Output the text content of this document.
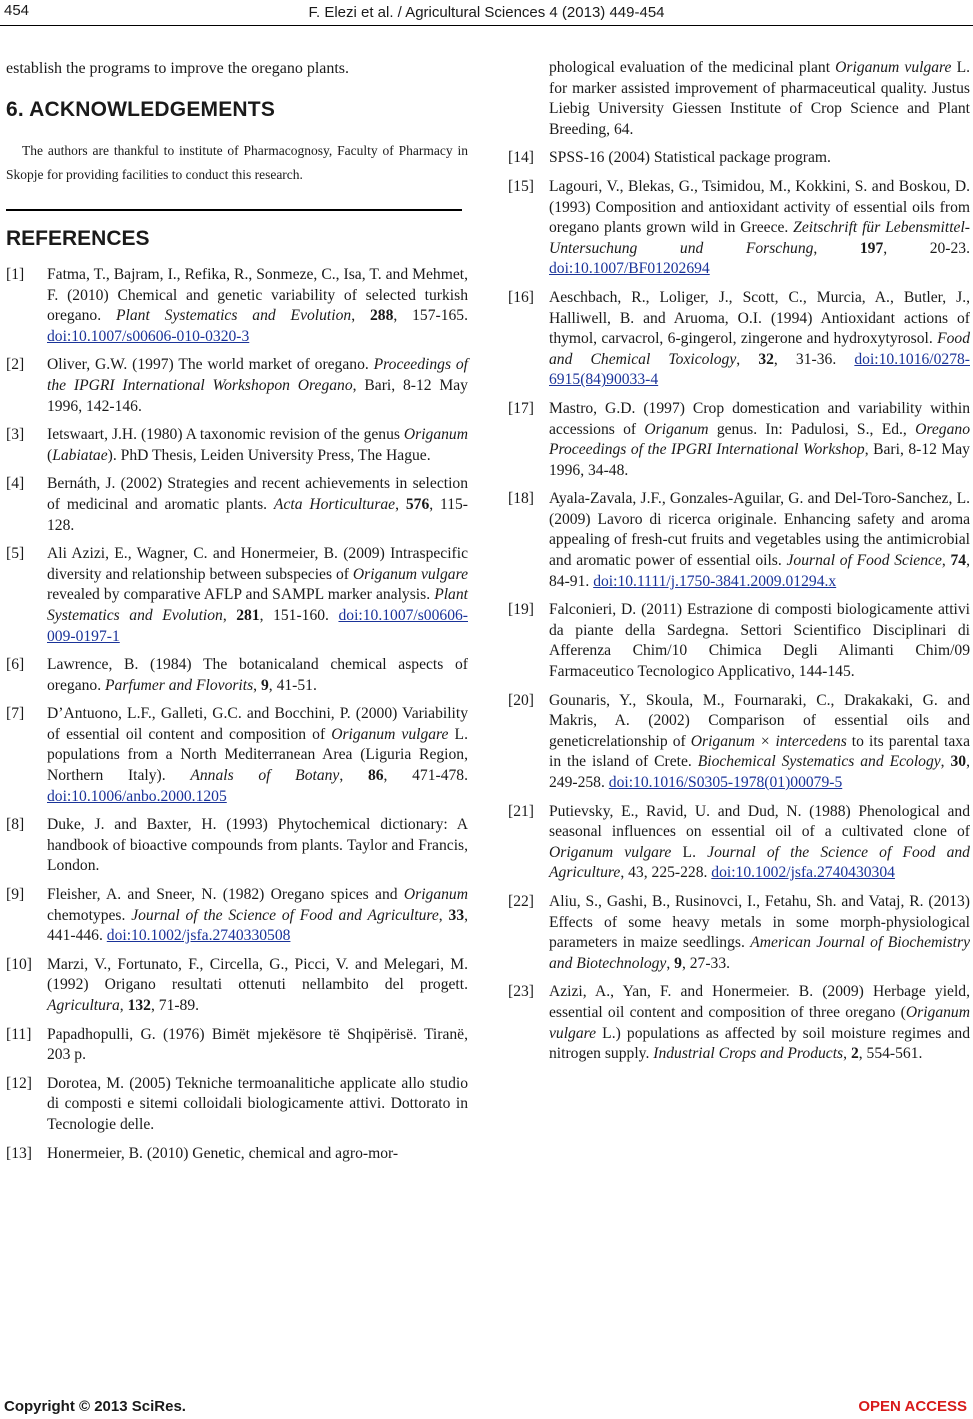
454	F. Elezi et al. / Agricultural Sciences 4 (2013) 449-454

establish the programs to improve the oregano plants.

6. ACKNOWLEDGEMENTS

The authors are thankful to institute of Pharmacognosy, Faculty of Pharmacy in Skopje for providing facilities to conduct this research.

REFERENCES
[1]	Fatma, T., Bajram, I., Refika, R., Sonmeze, C., Isa, T. and Mehmet, F. (2010) Chemical and genetic variability of selected turkish oregano. Plant Systematics and Evolution, 288, 157-165. doi:10.1007/s00606-010-0320-3
[2]	Oliver, G.W. (1997) The world market of oregano. Proceedings of the IPGRI International Workshopon Oregano, Bari, 8-12 May 1996, 142-146.
[3]	Ietswaart, J.H. (1980) A taxonomic revision of the genus Origanum (Labiatae). PhD Thesis, Leiden University Press, The Hague.
[4]	Bernáth, J. (2002) Strategies and recent achievements in selection of medicinal and aromatic plants. Acta Horticulturae, 576, 115-128.
[5]	Ali Azizi, E., Wagner, C. and Honermeier, B. (2009) Intraspecific diversity and relationship between subspecies of Origanum vulgare revealed by comparative AFLP and SAMPL marker analysis. Plant Systematics and Evolution, 281, 151-160. doi:10.1007/s00606-009-0197-1
[6]	Lawrence, B. (1984) The botanicaland chemical aspects of oregano. Parfumer and Flovorits, 9, 41-51.
[7]	D’Antuono, L.F., Galleti, G.C. and Bocchini, P. (2000) Variability of essential oil content and composition of Origanum vulgare L. populations from a North Mediterranean Area (Liguria Region, Northern Italy). Annals of Botany, 86, 471-478. doi:10.1006/anbo.2000.1205
[8]	Duke, J. and Baxter, H. (1993) Phytochemical dictionary: A handbook of bioactive compounds from plants. Taylor and Francis, London.
[9]	Fleisher, A. and Sneer, N. (1982) Oregano spices and Origanum chemotypes. Journal of the Science of Food and Agriculture, 33, 441-446. doi:10.1002/jsfa.2740330508
[10] Marzi, V., Fortunato, F., Circella, G., Picci, V. and Melegari, M. (1992) Origano resultati ottenuti nellambito del progett. Agricultura, 132, 71-89.
[11] Papadhopulli, G. (1976) Bimët mjekësore të Shqipërisë. Tiranë, 203 p.
[12] Dorotea, M. (2005) Tekniche termoanalitiche applicate allo studio di composti e sitemi colloidali biologicamente attivi. Dottorato in Tecnologie delle.
[13] Honermeier, B. (2010) Genetic, chemical and agro-mor-
phological evaluation of the medicinal plant Origanum vulgare L. for marker assisted improvement of pharmaceutical quality. Justus Liebig University Giessen Institute of Crop Science and Plant Breeding, 64.
[14] SPSS-16 (2004) Statistical package program.
[15] Lagouri, V., Blekas, G., Tsimidou, M., Kokkini, S. and Boskou, D. (1993) Composition and antioxidant activity of essential oils from oregano plants grown wild in Greece. Zeitschrift für Lebensmittel-Untersuchung und Forschung, 197, 20-23. doi:10.1007/BF01202694
[16] Aeschbach, R., Loliger, J., Scott, C., Murcia, A., Butler, J., Halliwell, B. and Aruoma, O.I. (1994) Antioxidant actions of thymol, carvacrol, 6-gingerol, zingerone and hydroxytyrosol. Food and Chemical Toxicology, 32, 31-36. doi:10.1016/0278-6915(84)90033-4
[17] Mastro, G.D. (1997) Crop domestication and variability within accessions of Origanum genus. In: Padulosi, S., Ed., Oregano Proceedings of the IPGRI International Workshop, Bari, 8-12 May 1996, 34-48.
[18] Ayala-Zavala, J.F., Gonzales-Aguilar, G. and Del-Toro-Sanchez, L. (2009) Lavoro di ricerca originale. Enhancing safety and aroma appealing of fresh-cut fruits and vegetables using the antimicrobial and aromatic power of essential oils. Journal of Food Science, 74, 84-91. doi:10.1111/j.1750-3841.2009.01294.x
[19] Falconieri, D. (2011) Estrazione di composti biologicamente attivi da piante della Sardegna. Settori Scientifico Disciplinari di Afferenza Chim/10 Chimica Degli Alimanti Chim/09 Farmaceutico Tecnologico Applicativo, 144-145.
[20] Gounaris, Y., Skoula, M., Fournaraki, C., Drakakaki, G. and Makris, A. (2002) Comparison of essential oils and geneticrelationship of Origanum × intercedens to its parental taxa in the island of Crete. Biochemical Systematics and Ecology, 30, 249-258. doi:10.1016/S0305-1978(01)00079-5
[21] Putievsky, E., Ravid, U. and Dud, N. (1988) Phenological and seasonal influences on essential oil of a cultivated clone of Origanum vulgare L. Journal of the Science of Food and Agriculture, 43, 225-228. doi:10.1002/jsfa.2740430304
[22] Aliu, S., Gashi, B., Rusinovci, I., Fetahu, Sh. and Vataj, R. (2013) Effects of some heavy metals in some morph-physiological parameters in maize seedlings. American Journal of Biochemistry and Biotechnology, 9, 27-33.
[23] Azizi, A., Yan, F. and Honermeier. B. (2009) Herbage yield, essential oil content and composition of three oregano (Origanum vulgare L.) populations as affected by soil moisture regimes and nitrogen supply. Industrial Crops and Products, 2, 554-561.
Copyright © 2013 SciRes.	OPEN ACCESS
